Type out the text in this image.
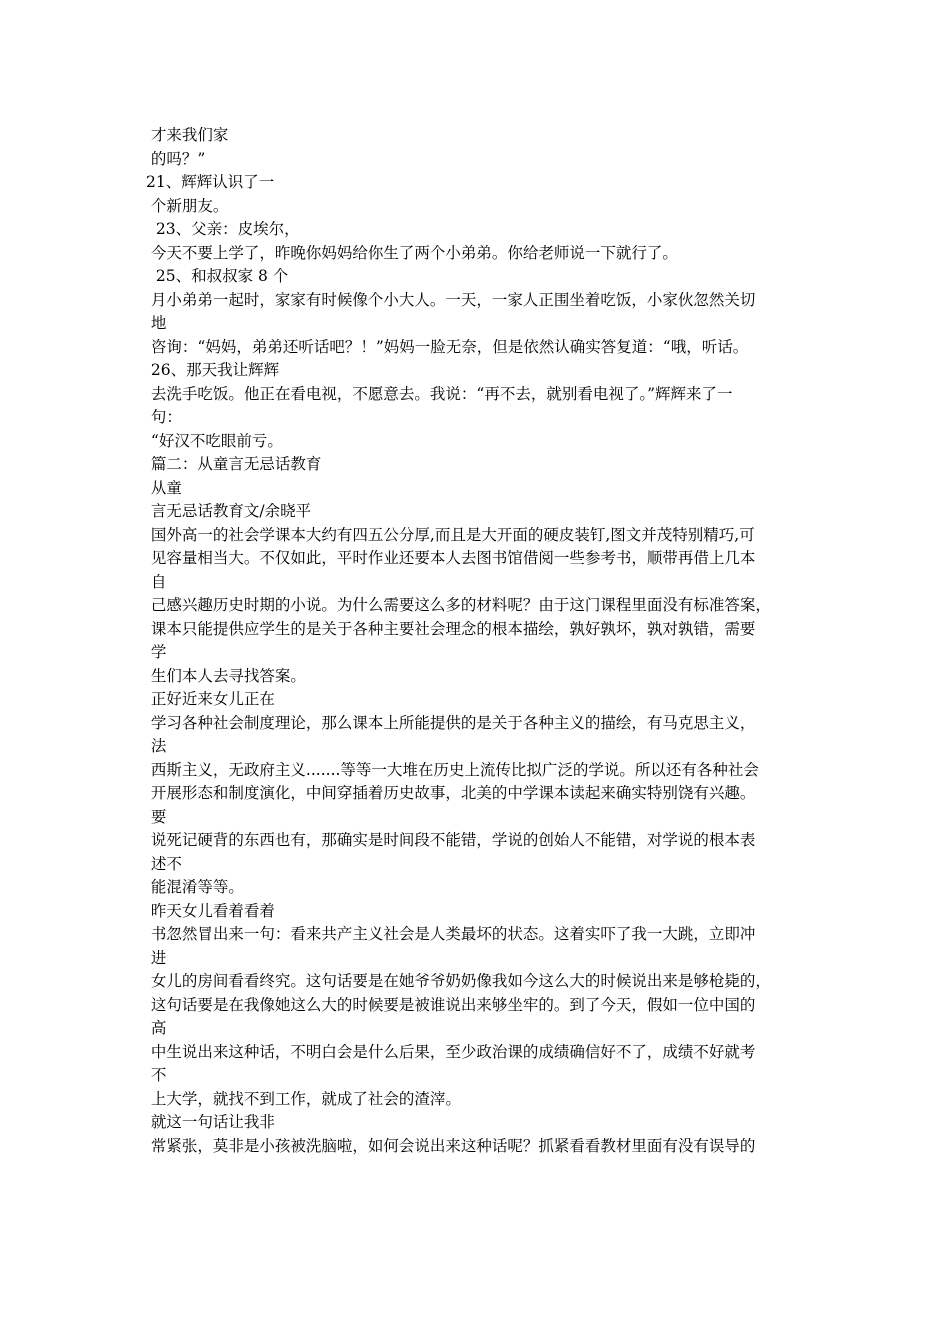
才来我们家
的吗？”
21、辉辉认识了一
个新朋友。
23、父亲：皮埃尔，
今天不要上学了，昨晚你妈妈给你生了两个小弟弟。你给老师说一下就行了。
25、和叔叔家 8 个
月小弟弟一起时，家家有时候像个小大人。一天，一家人正围坐着吃饭，小家伙忽然关切
地
咨询：“妈妈，弟弟还听话吧？！”妈妈一脸无奈，但是依然认确实答复道：“哦，听话。
26、那天我让辉辉
去洗手吃饭。他正在看电视，不愿意去。我说：“再不去，就别看电视了。”辉辉来了一
句：
“好汉不吃眼前亏。
篇二：从童言无忌话教育
从童
言无忌话教育文/余晓平
国外高一的社会学课本大约有四五公分厚,而且是大开面的硬皮装钉,图文并茂特别精巧,可
见容量相当大。不仅如此，平时作业还要本人去图书馆借阅一些参考书，顺带再借上几本
自
己感兴趣历史时期的小说。为什么需要这么多的材料呢？由于这门课程里面没有标准答案，
课本只能提供应学生的是关于各种主要社会理念的根本描绘，孰好孰坏，孰对孰错，需要
学
生们本人去寻找答案。
正好近来女儿正在
学习各种社会制度理论，那么课本上所能提供的是关于各种主义的描绘，有马克思主义，
法
西斯主义，无政府主义.......等等一大堆在历史上流传比拟广泛的学说。所以还有各种社会
开展形态和制度演化，中间穿插着历史故事，北美的中学课本读起来确实特别饶有兴趣。
要
说死记硬背的东西也有，那确实是时间段不能错，学说的创始人不能错，对学说的根本表
述不
能混淆等等。
昨天女儿看着看着
书忽然冒出来一句：看来共产主义社会是人类最坏的状态。这着实吓了我一大跳，立即冲
进
女儿的房间看看终究。这句话要是在她爷爷奶奶像我如今这么大的时候说出来是够枪毙的，
这句话要是在我像她这么大的时候要是被谁说出来够坐牢的。到了今天，假如一位中国的
高
中生说出来这种话，不明白会是什么后果，至少政治课的成绩确信好不了，成绩不好就考
不
上大学，就找不到工作，就成了社会的渣滓。
就这一句话让我非
常紧张，莫非是小孩被洗脑啦，如何会说出来这种话呢？抓紧看看教材里面有没有误导的
